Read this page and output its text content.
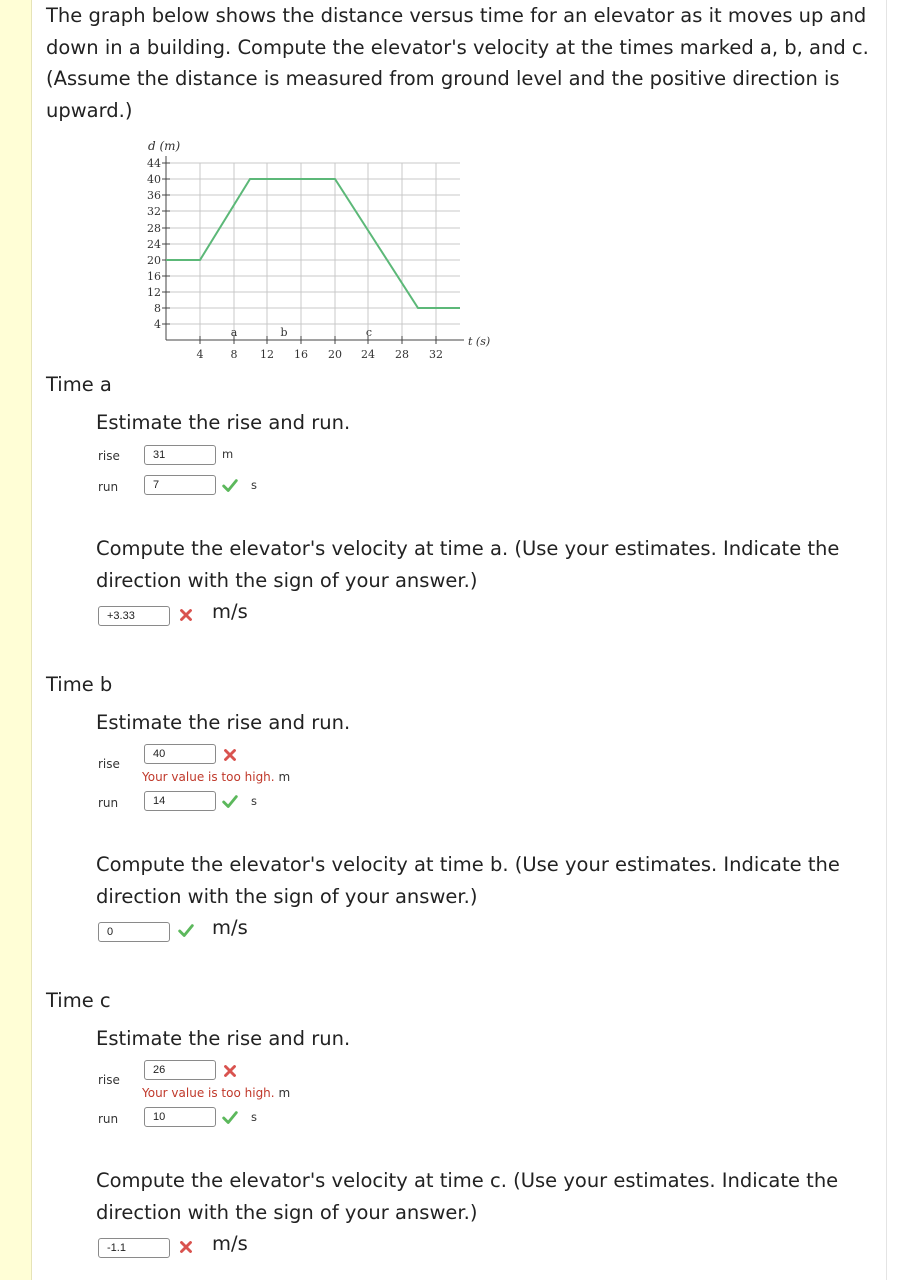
The graph below shows the distance versus time for an elevator as it moves up and down in a building. Compute the elevator's velocity at the times marked a, b, and c. (Assume the distance is measured from ground level and the positive direction is upward.)
d (m)
44
40
36
32
28
24
20
16
12
8
4
4 8 12 16 20 24 28 32
a	b	c
t (s)
Time a
Estimate the rise and run.
rise	31	m
run	7	s
Compute the elevator's velocity at time a. (Use your estimates. Indicate the direction with the sign of your answer.)
+3.33	m/s
Time b
Estimate the rise and run.
rise
40
Your value is too high. m
run	14	s
Compute the elevator's velocity at time b. (Use your estimates. Indicate the direction with the sign of your answer.)
0	m/s
Time c
Estimate the rise and run.
rise
26
Your value is too high. m
run	10	s
Compute the elevator's velocity at time c. (Use your estimates. Indicate the direction with the sign of your answer.)
-1.1	m/s
